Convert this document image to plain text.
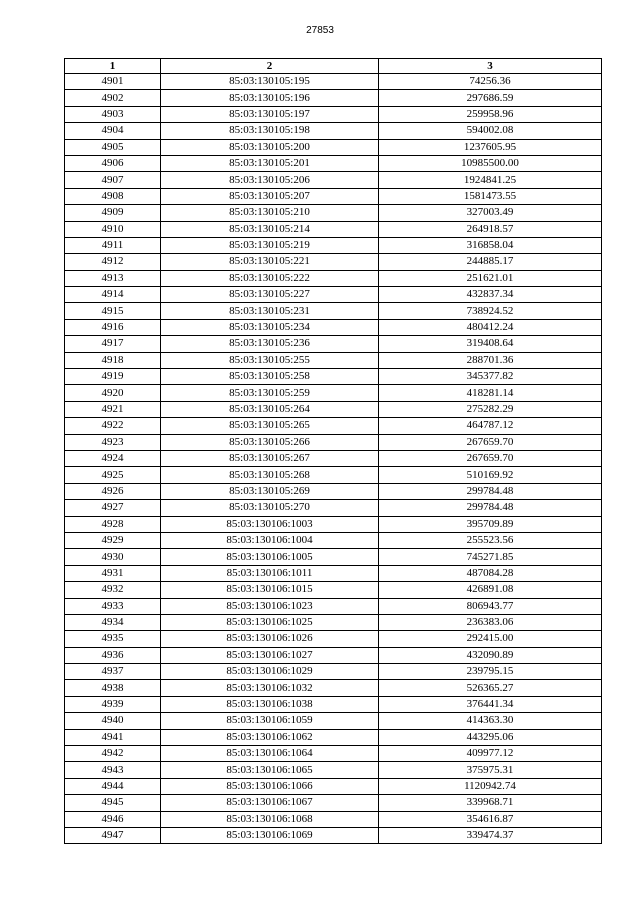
27853
1	2	3
4901	85:03:130105:195	74256.36
4902	85:03:130105:196	297686.59
4903	85:03:130105:197	259958.96
4904	85:03:130105:198	594002.08
4905	85:03:130105:200	1237605.95
4906	85:03:130105:201	10985500.00
4907	85:03:130105:206	1924841.25
4908	85:03:130105:207	1581473.55
4909	85:03:130105:210	327003.49
4910	85:03:130105:214	264918.57
4911	85:03:130105:219	316858.04
4912	85:03:130105:221	244885.17
4913	85:03:130105:222	251621.01
4914	85:03:130105:227	432837.34
4915	85:03:130105:231	738924.52
4916	85:03:130105:234	480412.24
4917	85:03:130105:236	319408.64
4918	85:03:130105:255	288701.36
4919	85:03:130105:258	345377.82
4920	85:03:130105:259	418281.14
4921	85:03:130105:264	275282.29
4922	85:03:130105:265	464787.12
4923	85:03:130105:266	267659.70
4924	85:03:130105:267	267659.70
4925	85:03:130105:268	510169.92
4926	85:03:130105:269	299784.48
4927	85:03:130105:270	299784.48
4928	85:03:130106:1003	395709.89
4929	85:03:130106:1004	255523.56
4930	85:03:130106:1005	745271.85
4931	85:03:130106:1011	487084.28
4932	85:03:130106:1015	426891.08
4933	85:03:130106:1023	806943.77
4934	85:03:130106:1025	236383.06
4935	85:03:130106:1026	292415.00
4936	85:03:130106:1027	432090.89
4937	85:03:130106:1029	239795.15
4938	85:03:130106:1032	526365.27
4939	85:03:130106:1038	376441.34
4940	85:03:130106:1059	414363.30
4941	85:03:130106:1062	443295.06
4942	85:03:130106:1064	409977.12
4943	85:03:130106:1065	375975.31
4944	85:03:130106:1066	1120942.74
4945	85:03:130106:1067	339968.71
4946	85:03:130106:1068	354616.87
4947	85:03:130106:1069	339474.37
